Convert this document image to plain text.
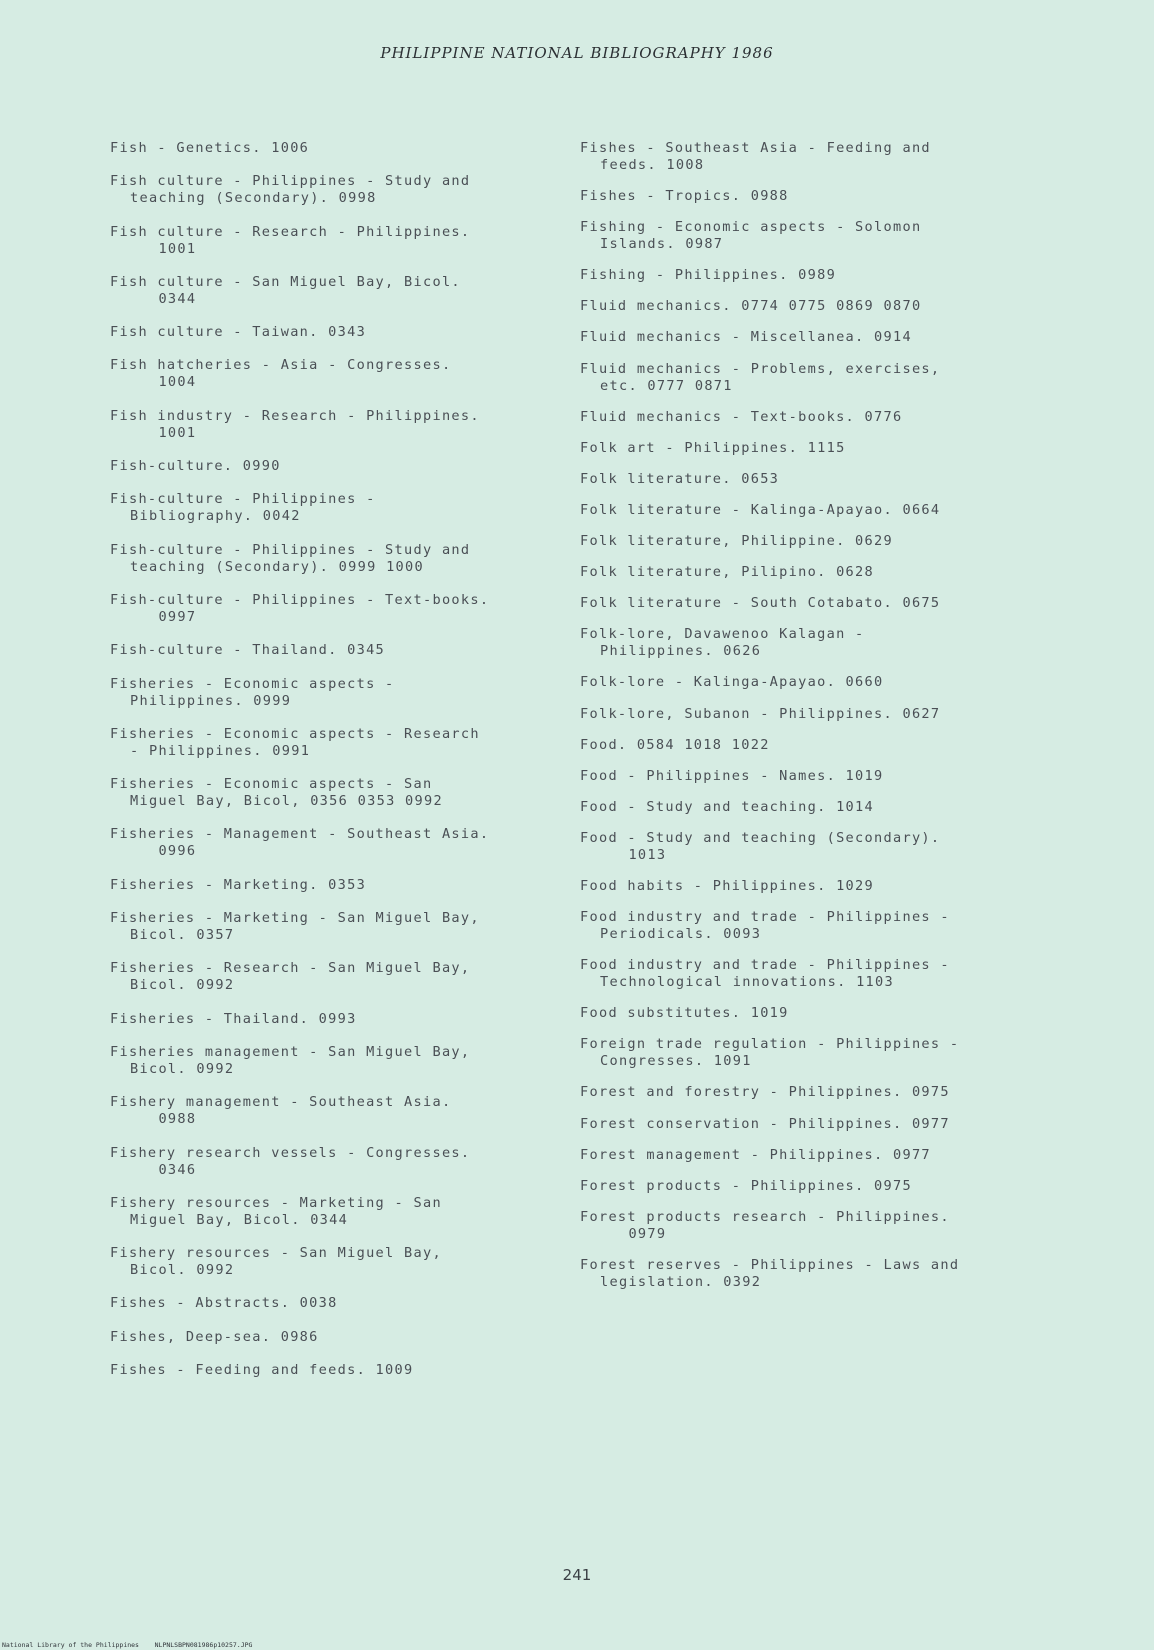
PHILIPPINE NATIONAL BIBLIOGRAPHY 1986
Fish - Genetics. 1006
Fish culture - Philippines - Study and
teaching (Secondary). 0998
Fish culture - Research - Philippines.
1001
Fish culture - San Miguel Bay, Bicol.
0344
Fish culture - Taiwan. 0343
Fish hatcheries - Asia - Congresses.
1004
Fish industry - Research - Philippines.
1001
Fish-culture. 0990
Fish-culture - Philippines -
Bibliography. 0042
Fish-culture - Philippines - Study and
teaching (Secondary). 0999 1000
Fish-culture - Philippines - Text-books.
0997
Fish-culture - Thailand. 0345
Fisheries - Economic aspects -
Philippines. 0999
Fisheries - Economic aspects - Research
- Philippines. 0991
Fisheries - Economic aspects - San
Miguel Bay, Bicol, 0356 0353 0992
Fisheries - Management - Southeast Asia.
0996
Fisheries - Marketing. 0353
Fisheries - Marketing - San Miguel Bay,
Bicol. 0357
Fisheries - Research - San Miguel Bay,
Bicol. 0992
Fisheries - Thailand. 0993
Fisheries management - San Miguel Bay,
Bicol. 0992
Fishery management - Southeast Asia.
0988
Fishery research vessels - Congresses.
0346
Fishery resources - Marketing - San
Miguel Bay, Bicol. 0344
Fishery resources - San Miguel Bay,
Bicol. 0992
Fishes - Abstracts. 0038
Fishes, Deep-sea. 0986
Fishes - Feeding and feeds. 1009
Fishes - Southeast Asia - Feeding and
feeds. 1008
Fishes - Tropics. 0988
Fishing - Economic aspects - Solomon
Islands. 0987
Fishing - Philippines. 0989
Fluid mechanics. 0774 0775 0869 0870
Fluid mechanics - Miscellanea. 0914
Fluid mechanics - Problems, exercises,
etc. 0777 0871
Fluid mechanics - Text-books. 0776
Folk art - Philippines. 1115
Folk literature. 0653
Folk literature - Kalinga-Apayao. 0664
Folk literature, Philippine. 0629
Folk literature, Pilipino. 0628
Folk literature - South Cotabato. 0675
Folk-lore, Davawenoo Kalagan -
Philippines. 0626
Folk-lore - Kalinga-Apayao. 0660
Folk-lore, Subanon - Philippines. 0627
Food. 0584 1018 1022
Food - Philippines - Names. 1019
Food - Study and teaching. 1014
Food - Study and teaching (Secondary).
1013
Food habits - Philippines. 1029
Food industry and trade - Philippines -
Periodicals. 0093
Food industry and trade - Philippines -
Technological innovations. 1103
Food substitutes. 1019
Foreign trade regulation - Philippines -
Congresses. 1091
Forest and forestry - Philippines. 0975
Forest conservation - Philippines. 0977
Forest management - Philippines. 0977
Forest products - Philippines. 0975
Forest products research - Philippines.
0979
Forest reserves - Philippines - Laws and
legislation. 0392
241
National Library of the Philippines    NLPNLSBPN081986p10257.JPG
